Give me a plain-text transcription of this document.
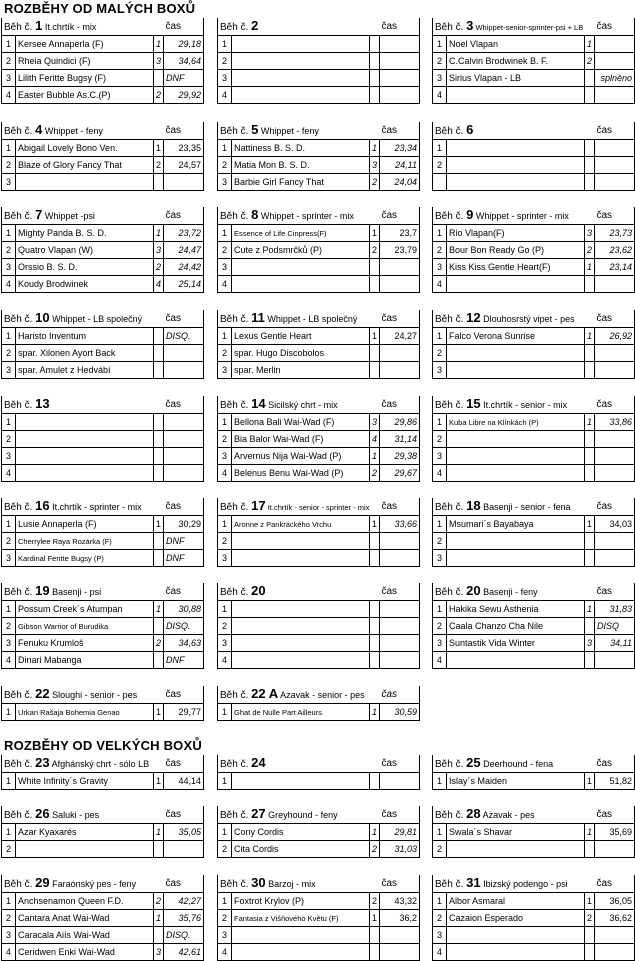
ROZBĚHY OD MALÝCH BOXŮ
ROZBĚHY OD VELKÝCH BOXŮ
Běh č. 1 It.chrtík - mix			čas
1	Kersee Annaperla (F)	1	29,18
2	Rheia Quindici (F)	3	34,64
3	Lilith Feritte Bugsy (F)		DNF
4	Easter Bubble As.C.(P)	2	29,92
Běh č. 2			čas
1			
2			
3			
4			
Běh č. 3 Whippet-senior-sprinter-psi + LB			čas
1	Noel Vlapan	1	
2	C.Calvin Brodwinek B. F.	2	
3	Sirius Vlapan - LB		splněno
4			
Běh č. 4 Whippet - feny			čas
1	Abigail Lovely Bono Ven.	1	23,35
2	Blaze of Glory Fancy That	2	24,57
3			
Běh č. 5 Whippet - feny			čas
1	Nattiness B. S. D.	1	23,34
2	Matia Mon B. S. D.	3	24,11
3	Barbie Girl Fancy That	2	24,04
Běh č. 6			čas
1			
2			

Běh č. 7 Whippet -psi			čas
1	Mighty Panda B. S. D.	1	23,72
2	Quatro Vlapan (W)	3	24,47
3	Orssio B. S. D.	2	24,42
4	Koudy Brodwinek	4	25,14
Běh č. 8 Whippet - sprinter - mix			čas
1	Essence of Life Cinpress(F)	1	23,7
2	Cute z Podsmrčků (P)	2	23,79
3			
4			
Běh č. 9 Whippet - sprinter - mix			čas
1	Rio Vlapan(F)	3	23,73
2	Bour Bon Ready Go (P)	2	23,62
3	Kiss Kiss Gentle Heart(F)	1	23,14
4			
Běh č. 10 Whippet - LB společný			čas
1	Haristo Inventum		DISQ.
2	spar. Xilonen Ayort Back		
3	spar. Amulet z Hedvábí		
Běh č. 11 Whippet - LB společný			čas
1	Lexus Gentle Heart	1	24,27
2	spar. Hugo Discobolos		
3	spar. Merlin		
Běh č. 12 Dlouhosrstý vipet - pes			čas
1	Falco Verona Sunrise	1	26,92
2			
3			
Běh č. 13			čas
1			
2			
3			
4			
Běh č. 14 Sicilský chrt - mix			čas
1	Bellona Bali Wai-Wad (F)	3	29,86
2	Bia Balor Wai-Wad (F)	4	31,14
3	Arvernus Nija Wai-Wad (P)	1	29,38
4	Belenus Benu Wai-Wad (P)	2	29,67
Běh č. 15 It.chrtík - senior - mix			čas
1	Kuba Libre na Klínkách (P)	1	33,86
2			
3			
4			
Běh č. 16 It.chrtík - sprinter - mix			čas
1	Lusie Annaperla (F)	1	30,29
2	Cherrylee Raya Rozárka (F)		DNF
3	Kardinal Feritte Bugsy (P)		DNF
Běh č. 17 It.chrtík - senior - sprinter - mix			čas
1	Aronne z Pankráckého Vrchu	1	33,66
2			
3			
Běh č. 18 Basenji - senior - fena			čas
1	Msumari´s Bayabaya	1	34,03
2			
3			
Běh č. 19 Basenji - psi			čas
1	Possum Creek´s Atumpan	1	30,88
2	Gibson Warrior of Burudika		DISQ.
3	Fenuku Krumloš	2	34,63
4	Dinari Mabanga		DNF
Běh č. 20			čas
1			
2			
3			
4			
Běh č. 20 Basenji - feny			čas
1	Hakika Sewu Asthenia	1	31,83
2	Caala Chanzo Cha Nile		DISQ
3	Suntastik Vida Winter	3	34,11
4			
Běh č. 22 Sloughi - senior - pes			čas
1	Urkan Rašaja Bohemia Genao	1	29,77
Běh č. 22 A Azavak - senior - pes			čas
1	Ghat de Nulle Part Ailleurs	1	30,59
Běh č. 23 Afghánský chrt - sólo LB			čas
1	White Infinity´s Gravity	1	44,14
Běh č. 24			čas
1			
Běh č. 25 Deerhound - fena			čas
1	Islay´s Maiden	1	51,82
Běh č. 26 Saluki - pes			čas
1	Azar Kyaxarés	1	35,05
2			
Běh č. 27 Greyhound - feny			čas
1	Cony Cordis	1	29,81
2	Cita Cordis	2	31,03
Běh č. 28 Azavak - pes			čas
1	Swala´s Shavar	1	35,69
2			
Běh č. 29 Faraónský pes - feny			čas
1	Anchsenamon Queen F.D.	2	42,27
2	Cantara Anat Wai-Wad	1	35,76
3	Caracala Aiís Wai-Wad		DISQ.
4	Ceridwen Enki Wai-Wad	3	42,61
Běh č. 30 Barzoj - mix			čas
1	Foxtrot Krylov (P)	2	43,32
2	Fantasia z Višňového Květu (F)	1	36,2
3			
4			
Běh č. 31 Ibizský podengo - psi			čas
1	Albor Asmaral	1	36,05
2	Cazaion Esperado	2	36,62
3			
4			
